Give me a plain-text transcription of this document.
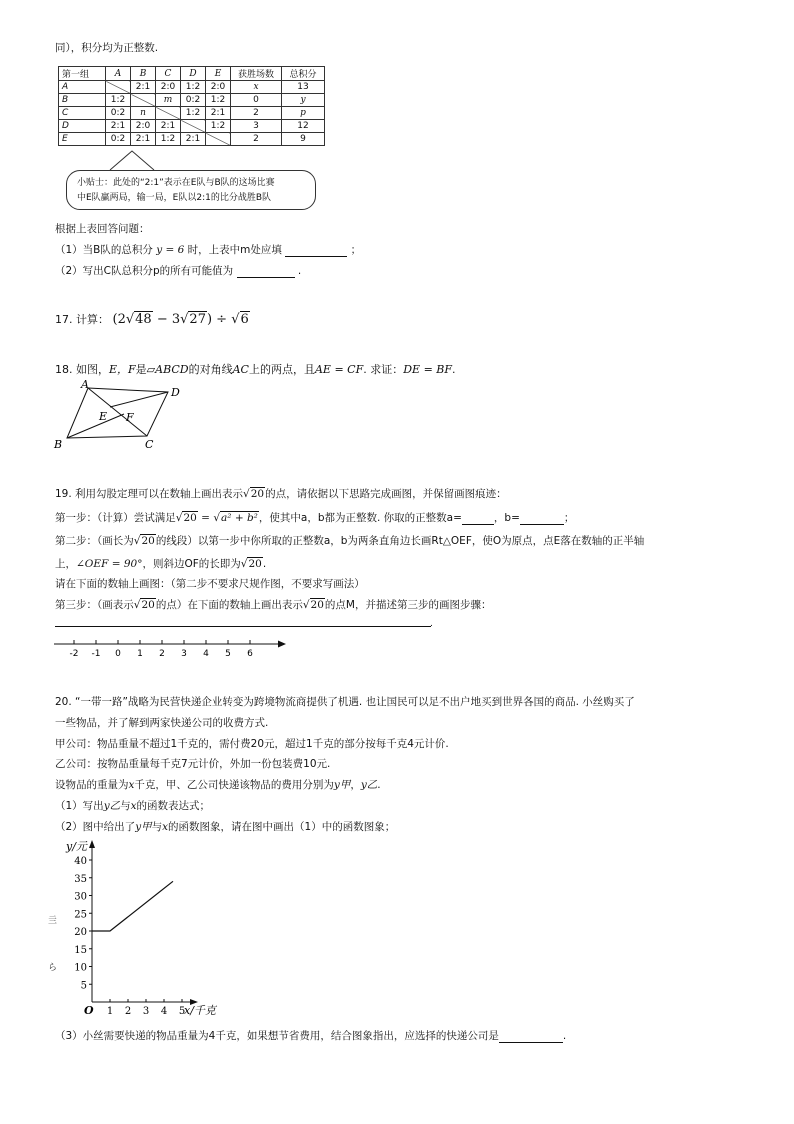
同），积分均为正整数.
第一组	A	B	C	D	E	获胜场数	总积分
A		2:1	2:0	1:2	2:0	x	13
B	1:2		m	0:2	1:2	0	y
C	0:2	n		1:2	2:1	2	p
D	2:1	2:0	2:1		1:2	3	12
E	0:2	2:1	1:2	2:1		2	9
小贴士：此处的“2:1”表示在E队与B队的这场比赛
中E队赢两局，输一局，E队以2:1的比分战胜B队
根据上表回答问题：
（1）当B队的总积分 y = 6 时，上表中m处应填	；
（2）写出C队总积分p的所有可能值为	.
17. 计算： (2√48 − 3√27) ÷ √6
18. 如图，E，F是▱ABCD的对角线AC上的两点，且AE = CF. 求证：DE = BF.
A
D
B	C
E F
19. 利用勾股定理可以在数轴上画出表示√20的点，请依据以下思路完成画图，并保留画图痕迹：
第一步：（计算）尝试满足√20 = √a² + b²，使其中a，b都为正整数. 你取的正整数a=	，b=	；
第二步：（画长为√20的线段）以第一步中你所取的正整数a，b为两条直角边长画Rt△OEF，使O为原点，点E落在数轴的正半轴
上，∠OEF = 90°，则斜边OF的长即为√20.
请在下面的数轴上画图：（第二步不要求尺规作图，不要求写画法）
第三步：（画表示√20的点）在下面的数轴上画出表示√20的点M，并描述第三步的画图步骤：
.
-2 -1 0 1 2 3 4 5 6
20. “一带一路”战略为民营快递企业转变为跨境物流商提供了机遇. 也让国民可以足不出户地买到世界各国的商品. 小丝购买了
一些物品，并了解到两家快递公司的收费方式.
甲公司：物品重量不超过1千克的，需付费20元，超过1千克的部分按每千克4元计价.
乙公司：按物品重量每千克7元计价，外加一份包装费10元.
设物品的重量为x千克，甲、乙公司快递该物品的费用分别为y甲，y乙.
（1）写出y乙与x的函数表达式；
（2）图中给出了y甲与x的函数图象，请在图中画出（1）中的函数图象；
y/元
O	x/千克
5
10
15
20
25
30
35
40
1 2 3 4 5
亖
ら
（3）小丝需要快递的物品重量为4千克，如果想节省费用，结合图象指出，应选择的快递公司是	.
